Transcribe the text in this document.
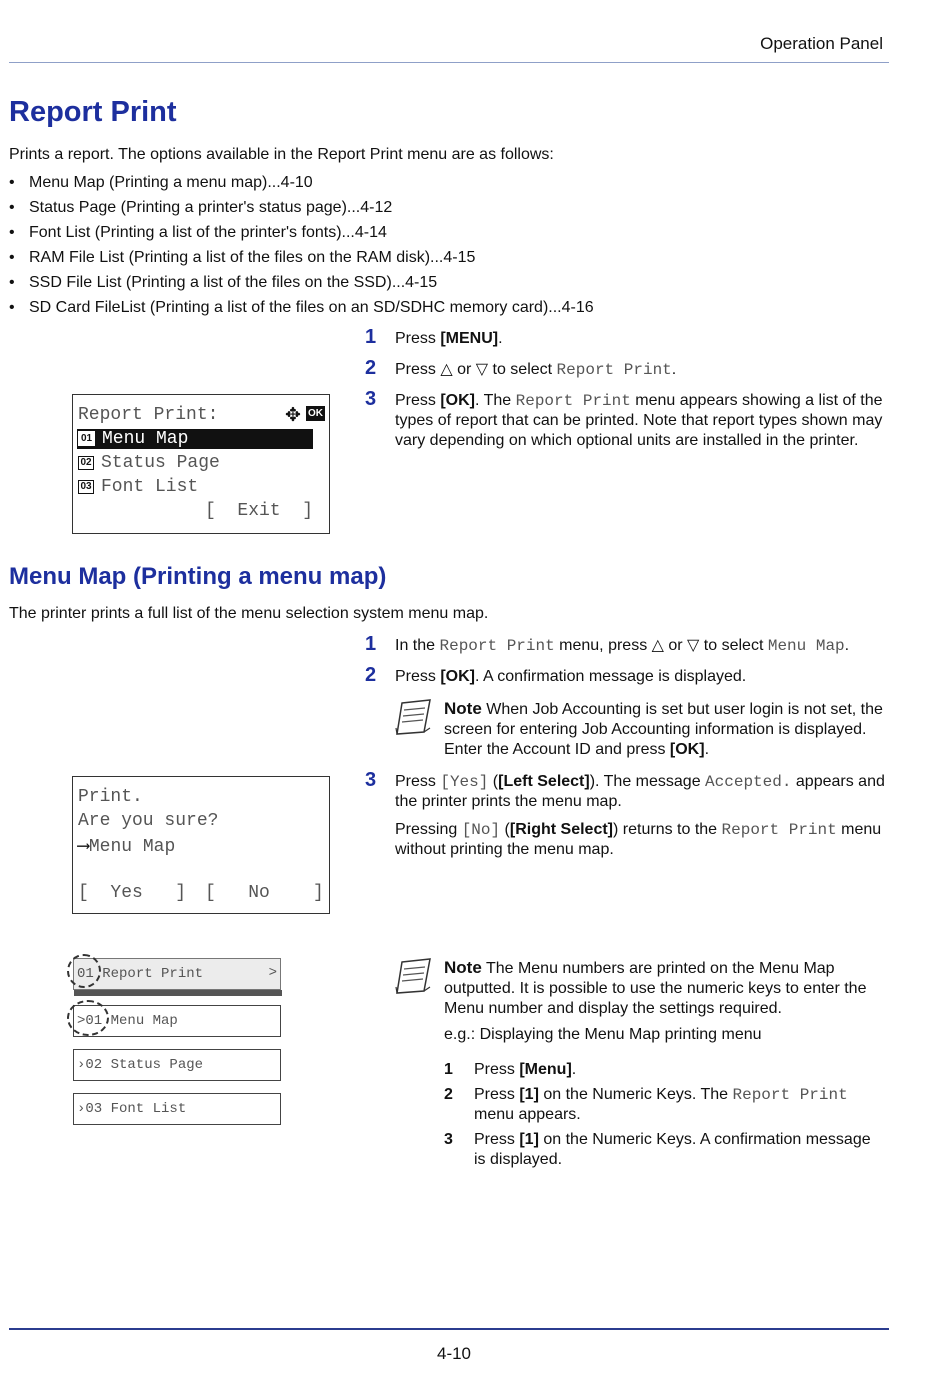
Operation Panel
Report Print
Prints a report. The options available in the Report Print menu are as follows:
• Menu Map (Printing a menu map)...4-10
• Status Page (Printing a printer's status page)...4-12
• Font List (Printing a list of the printer's fonts)...4-14
• RAM File List (Printing a list of the files on the RAM disk)...4-15
• SSD File List (Printing a list of the files on the SSD)...4-15
• SD Card FileList (Printing a list of the files on an SD/SDHC memory card)...4-16
1 Press [MENU].
2 Press △ or ▽ to select Report Print.
3 Press [OK]. The Report Print menu appears showing a list of the types of report that can be printed. Note that report types shown may vary depending on which optional units are installed in the printer.
Report Print:	✥ OK
01 Menu Map
02 Status Page
03 Font List
[  Exit  ]
Menu Map (Printing a menu map)
The printer prints a full list of the menu selection system menu map.
1 In the Report Print menu, press △ or ▽ to select Menu Map.
2 Press [OK]. A confirmation message is displayed.
Note When Job Accounting is set but user login is not set, the screen for entering Job Accounting information is displayed. Enter the Account ID and press [OK].
3 Press [Yes] ([Left Select]). The message Accepted. appears and the printer prints the menu map.
Pressing [No] ([Right Select]) returns to the Report Print menu without printing the menu map.
Print.
Are you sure?
⟶Menu Map
[  Yes   ] [   No    ]
01 Report Print	>
>01 Menu Map
›02 Status Page
›03 Font List
Note The Menu numbers are printed on the Menu Map outputted. It is possible to use the numeric keys to enter the Menu number and display the settings required.
e.g.: Displaying the Menu Map printing menu
1 Press [Menu].
2 Press [1] on the Numeric Keys. The Report Print menu appears.
3 Press [1] on the Numeric Keys. A confirmation message is displayed.
4-10
